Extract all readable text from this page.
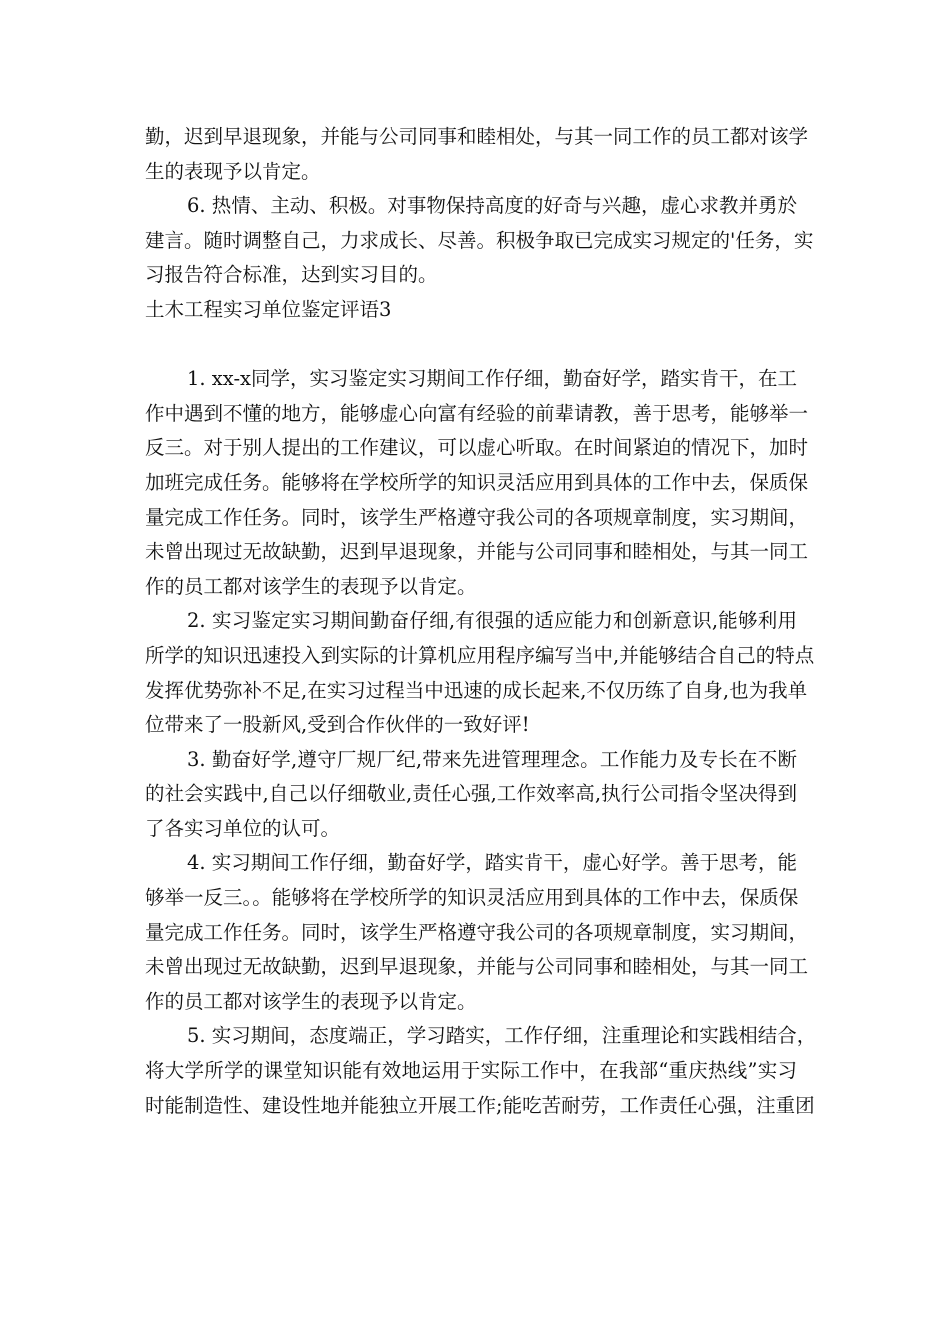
勤，迟到早退现象，并能与公司同事和睦相处，与其一同工作的员工都对该学
生的表现予以肯定。
6. 热情、主动、积极。对事物保持高度的好奇与兴趣，虚心求教并勇於
建言。随时调整自己，力求成长、尽善。积极争取已完成实习规定的'任务，实
习报告符合标准，达到实习目的。
土木工程实习单位鉴定评语3
1. xx-x同学，实习鉴定实习期间工作仔细，勤奋好学，踏实肯干，在工
作中遇到不懂的地方，能够虚心向富有经验的前辈请教，善于思考，能够举一
反三。对于别人提出的工作建议，可以虚心听取。在时间紧迫的情况下，加时
加班完成任务。能够将在学校所学的知识灵活应用到具体的工作中去，保质保
量完成工作任务。同时，该学生严格遵守我公司的各项规章制度，实习期间，
未曾出现过无故缺勤，迟到早退现象，并能与公司同事和睦相处，与其一同工
作的员工都对该学生的表现予以肯定。
2. 实习鉴定实习期间勤奋仔细,有很强的适应能力和创新意识,能够利用
所学的知识迅速投入到实际的计算机应用程序编写当中,并能够结合自己的特点
发挥优势弥补不足,在实习过程当中迅速的成长起来,不仅历练了自身,也为我单
位带来了一股新风,受到合作伙伴的一致好评!
3. 勤奋好学,遵守厂规厂纪,带来先进管理理念。工作能力及专长在不断
的社会实践中,自己以仔细敬业,责任心强,工作效率高,执行公司指令坚决得到
了各实习单位的认可。
4. 实习期间工作仔细，勤奋好学，踏实肯干，虚心好学。善于思考，能
够举一反三。。能够将在学校所学的知识灵活应用到具体的工作中去，保质保
量完成工作任务。同时，该学生严格遵守我公司的各项规章制度，实习期间，
未曾出现过无故缺勤，迟到早退现象，并能与公司同事和睦相处，与其一同工
作的员工都对该学生的表现予以肯定。
5. 实习期间，态度端正，学习踏实，工作仔细，注重理论和实践相结合，
将大学所学的课堂知识能有效地运用于实际工作中，在我部“重庆热线”实习
时能制造性、建设性地并能独立开展工作;能吃苦耐劳，工作责任心强，注重团
